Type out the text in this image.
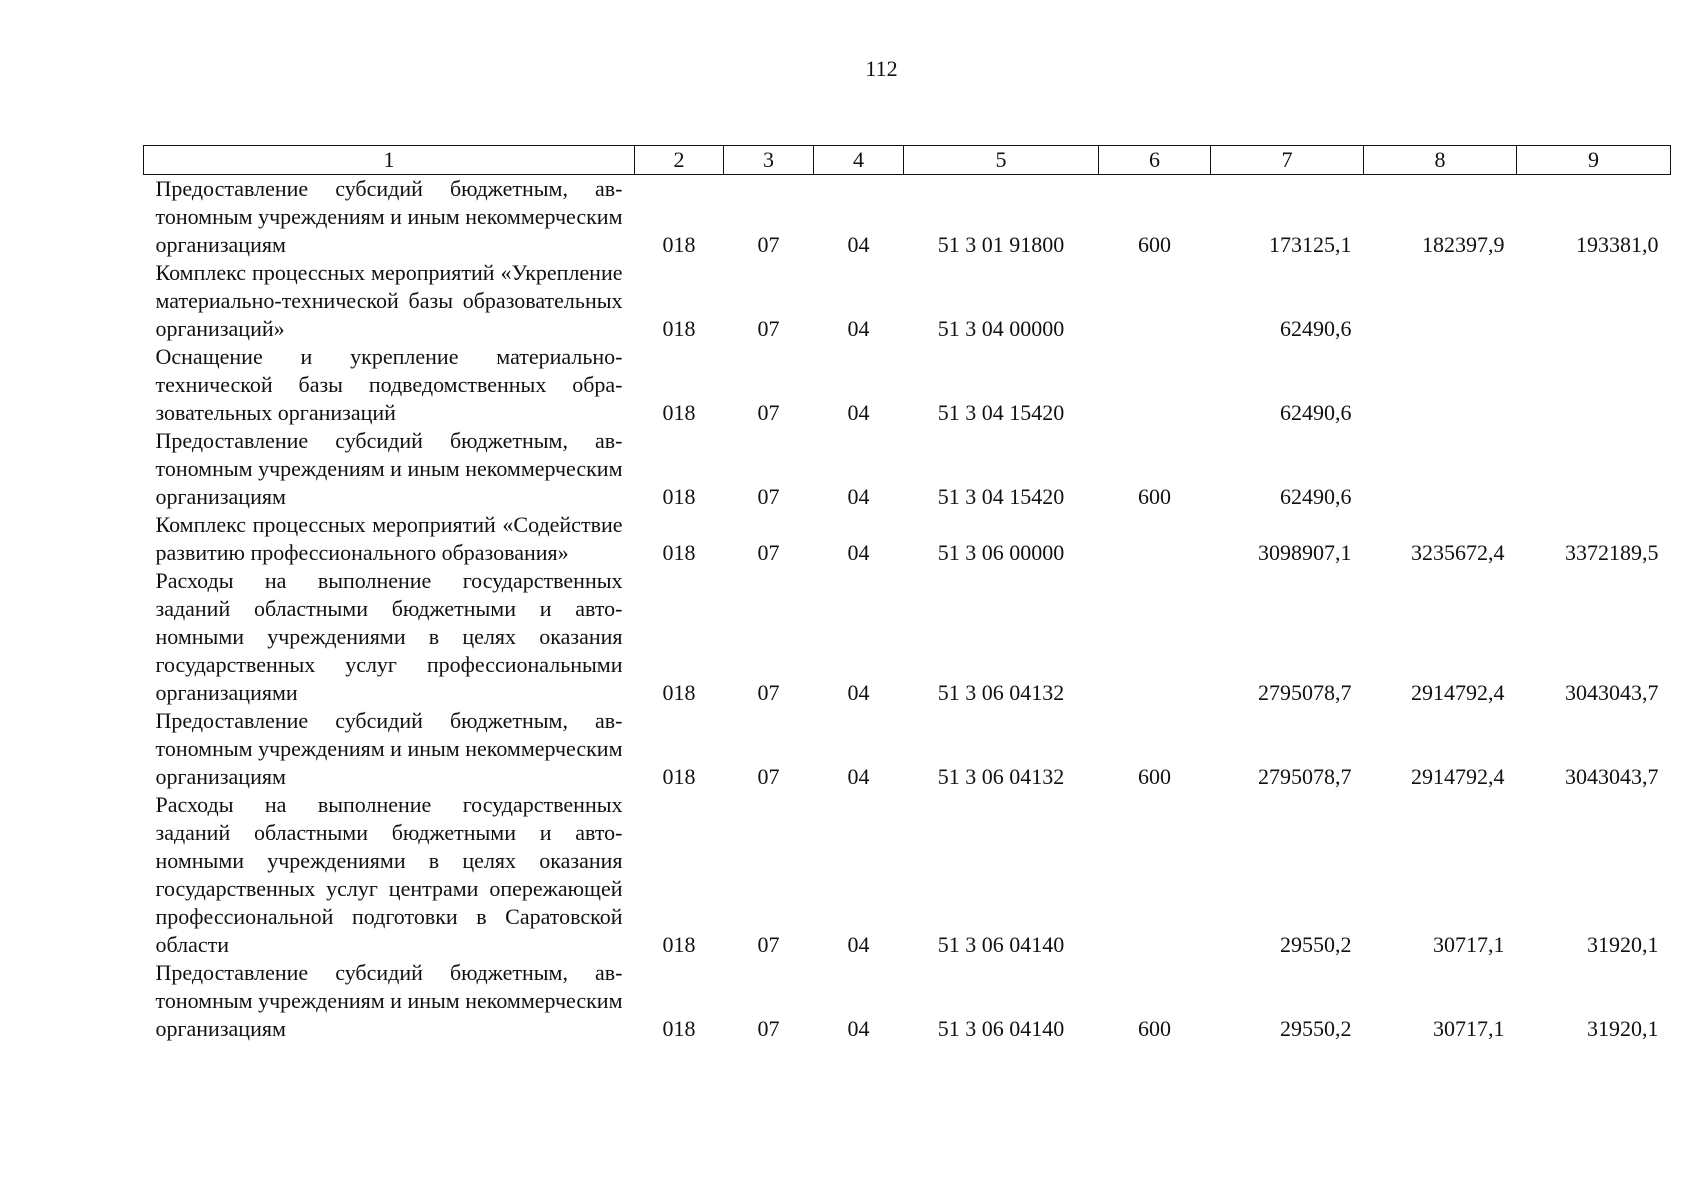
112
1	2	3	4	5	6	7	8	9
Предоставление субсидий бюджетным, автономным учреждениям и иным некоммерческим организациям	018	07	04	51 3 01 91800	600	173125,1	182397,9	193381,0
Комплекс процессных мероприятий «Укрепление материально-технической базы образовательных организаций»	018	07	04	51 3 04 00000		62490,6		
Оснащение и укрепление материально-технической базы подведомственных образовательных организаций	018	07	04	51 3 04 15420		62490,6		
Предоставление субсидий бюджетным, автономным учреждениям и иным некоммерческим организациям	018	07	04	51 3 04 15420	600	62490,6		
Комплекс процессных мероприятий «Содействие развитию профессионального образования»	018	07	04	51 3 06 00000		3098907,1	3235672,4	3372189,5
Расходы на выполнение государственных заданий областными бюджетными и автономными учреждениями в целях оказания государственных услуг профессиональными организациями	018	07	04	51 3 06 04132		2795078,7	2914792,4	3043043,7
Предоставление субсидий бюджетным, автономным учреждениям и иным некоммерческим организациям	018	07	04	51 3 06 04132	600	2795078,7	2914792,4	3043043,7
Расходы на выполнение государственных заданий областными бюджетными и автономными учреждениями в целях оказания государственных услуг центрами опережающей профессиональной подготовки в Саратовской области	018	07	04	51 3 06 04140		29550,2	30717,1	31920,1
Предоставление субсидий бюджетным, автономным учреждениям и иным некоммерческим организациям	018	07	04	51 3 06 04140	600	29550,2	30717,1	31920,1
